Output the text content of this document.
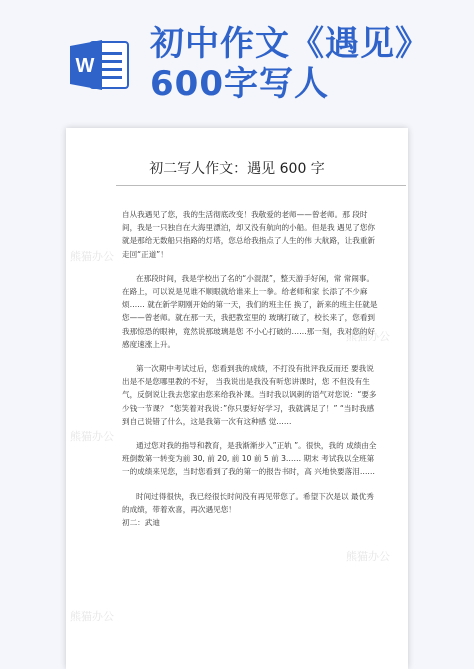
W
初中作文《遇见》
600字写人
熊猫办公
熊猫办公
熊猫办公
熊猫办公
熊猫办公
初二写人作文：遇见 600 字

自从我遇见了您，我的生活彻底改变！我敬爱的老师——曾老师。那 段时间，我是一只独自在大海里漂泊，却又没有航向的小船。但是我 遇见了您你就是那给无数船只指路的灯塔，您总给我指点了人生的伟 大航路，让我重新走回“正道”！

在那段时间，我是学校出了名的“小混混”，整天游手好闲，常 常闹事。在路上，可以说是见谁不顺眼就给谁来上一拳。给老师和家 长添了不少麻烦…… 就在新学期刚开始的第一天，我们的班主任 换了，新来的班主任就是您——曾老师。就在那一天，我把教室里的 玻璃打破了，校长来了，您看到我那惊恐的眼神，竟然说那玻璃是您 不小心打破的……那一刻，我对您的好感度速涨上升。

第一次期中考试过后，您看到我的成绩，不打没有批评我反而还 要我说出是不是您哪里教的不好， 当我说出是我没有听您讲课时，您 不但没有生气，反倒说让我去您家由您来给我补课。当时我以讽刺的语气对您说：“要多少钱一节课？ “您笑着对我说：”你只要好好学习，我就满足了！” “当时我感到自己说错了什么，这是我第一次有这种感 觉……

通过您对我的指导和教育，是我渐渐步入”正轨 ”。很快，我的 成绩由全班倒数第一转变为前 30, 前 20, 前 10 前 5 前 3…… 期末 考试我以全班第一的成绩来见您，当时您看到了我的第一的报告书时，高 兴地快要落泪……

时间过得很快，我已经很长时间没有再见带您了。希望下次是以 最优秀的成绩，带着欢喜，再次遇见您！

初二：武迪
